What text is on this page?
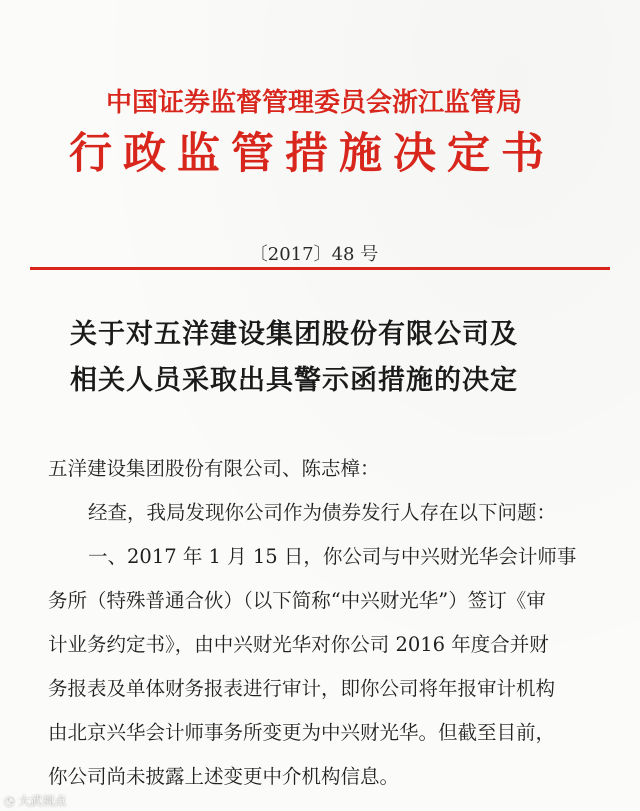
中国证券监督管理委员会浙江监管局
行政监管措施决定书
〔2017〕48 号
关于对五洋建设集团股份有限公司及
相关人员采取出具警示函措施的决定
五洋建设集团股份有限公司、陈志樟：
经查，我局发现你公司作为债券发行人存在以下问题：
一、2017 年 1 月 15 日，你公司与中兴财光华会计师事
务所（特殊普通合伙）（以下简称“中兴财光华”）签订《审
计业务约定书》，由中兴财光华对你公司 2016 年度合并财
务报表及单体财务报表进行审计，即你公司将年报审计机构
由北京兴华会计师事务所变更为中兴财光华。但截至目前，
你公司尚未披露上述变更中介机构信息。
◔ 大武视点
